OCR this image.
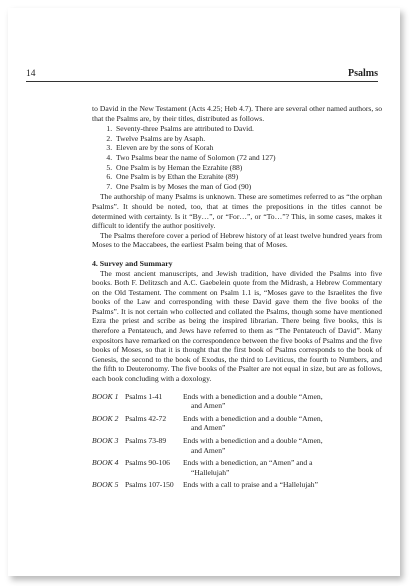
14	Psalms

to David in the New Testament (Acts 4.25; Heb 4.7). There are several other named authors, so that the Psalms are, by their titles, distributed as follows.

1. Seventy-three Psalms are attributed to David.
2. Twelve Psalms are by Asaph.
3. Eleven are by the sons of Korah
4. Two Psalms bear the name of Solomon (72 and 127)
5. One Psalm is by Heman the Ezrahite (88)
6. One Psalm is by Ethan the Ezrahite (89)
7. One Psalm is by Moses the man of God (90)

The authorship of many Psalms is unknown. These are sometimes referred to as “the orphan Psalms”. It should be noted, too, that at times the prepositions in the titles cannot be determined with certainty. Is it “By…”, or “For…”, or “To…”? This, in some cases, makes it difficult to identify the author positively.

The Psalms therefore cover a period of Hebrew history of at least twelve hundred years from Moses to the Maccabees, the earliest Psalm being that of Moses.

4. Survey and Summary

The most ancient manuscripts, and Jewish tradition, have divided the Psalms into five books. Both F. Delitzsch and A.C. Gaebelein quote from the Midrash, a Hebrew Commentary on the Old Testament. The comment on Psalm 1.1 is, “Moses gave to the Israelites the five books of the Law and corresponding with these David gave them the five books of the Psalms”. It is not certain who collected and collated the Psalms, though some have mentioned Ezra the priest and scribe as being the inspired librarian. There being five books, this is therefore a Pentateuch, and Jews have referred to them as “The Pentateuch of David”. Many expositors have remarked on the correspondence between the five books of Psalms and the five books of Moses, so that it is thought that the first book of Psalms corresponds to the book of Genesis, the second to the book of Exodus, the third to Leviticus, the fourth to Numbers, and the fifth to Deuteronomy. The five books of the Psalter are not equal in size, but are as follows, each book concluding with a doxology.

BOOK 1	Psalms 1-41	Ends with a benediction and a double “Amen,
and Amen”

BOOK 2	Psalms 42-72	Ends with a benediction and a double “Amen,
and Amen”

BOOK 3	Psalms 73-89	Ends with a benediction and a double “Amen,
and Amen”

BOOK 4	Psalms 90-106	Ends with a benediction, an “Amen” and a
“Hallelujah”

BOOK 5	Psalms 107-150	Ends with a call to praise and a “Hallelujah”
